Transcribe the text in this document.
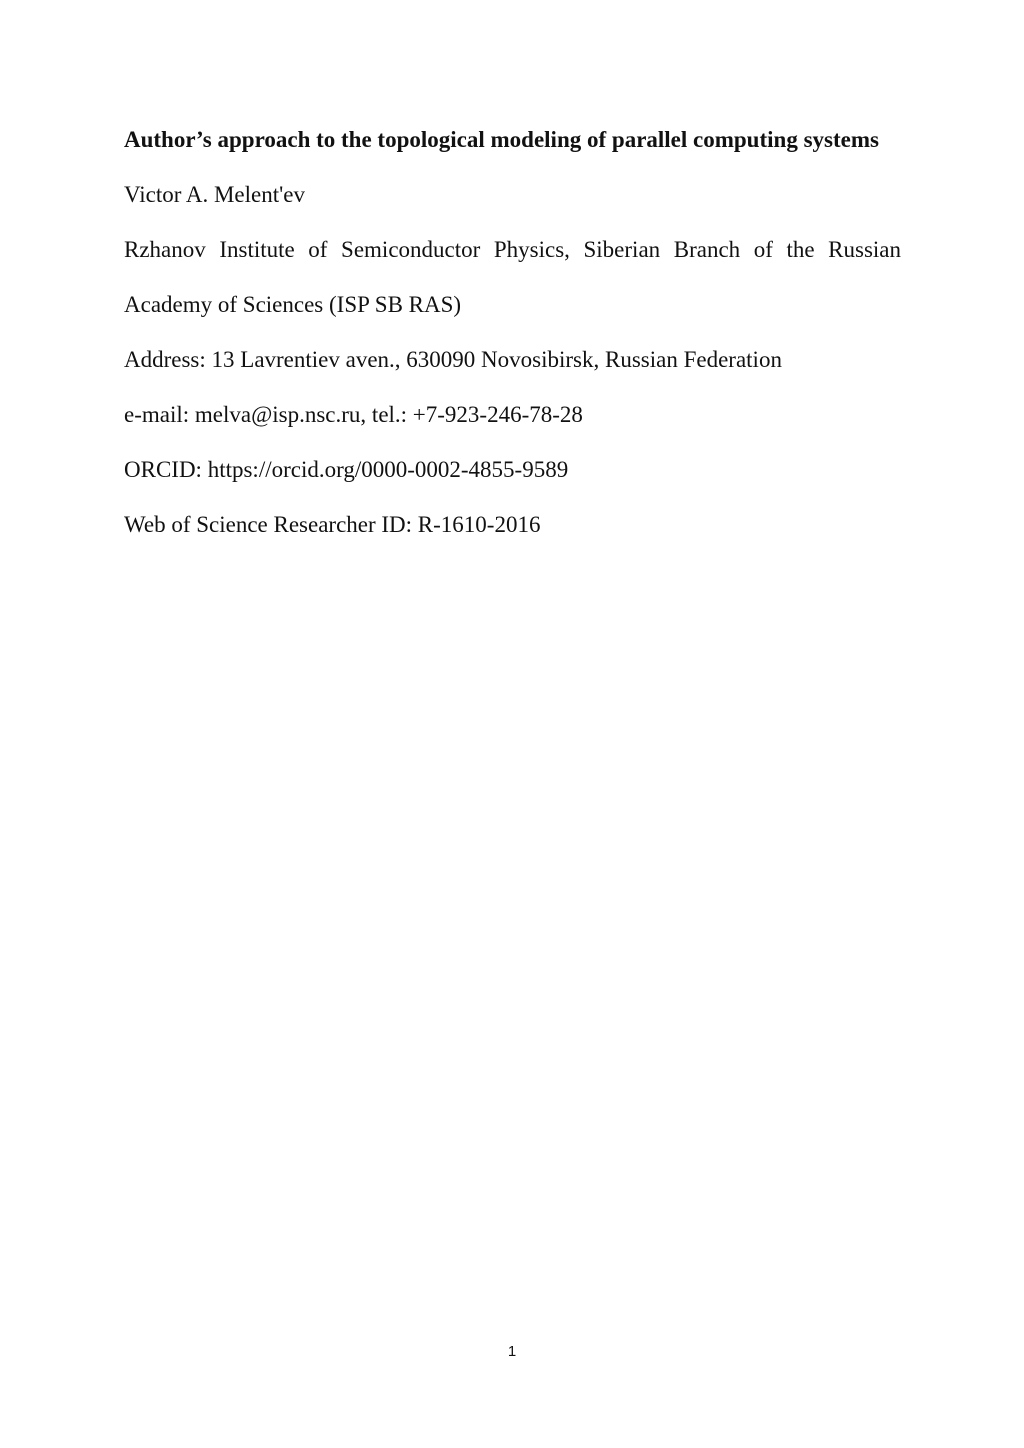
Author’s approach to the topological modeling of parallel computing systems

Victor A. Melent'ev

Rzhanov Institute of Semiconductor Physics, Siberian Branch of the Russian Academy of Sciences (ISP SB RAS)

Address: 13 Lavrentiev aven., 630090 Novosibirsk, Russian Federation

e-mail: melva@isp.nsc.ru, tel.: +7-923-246-78-28

ORCID: https://orcid.org/0000-0002-4855-9589

Web of Science Researcher ID: R-1610-2016

1
